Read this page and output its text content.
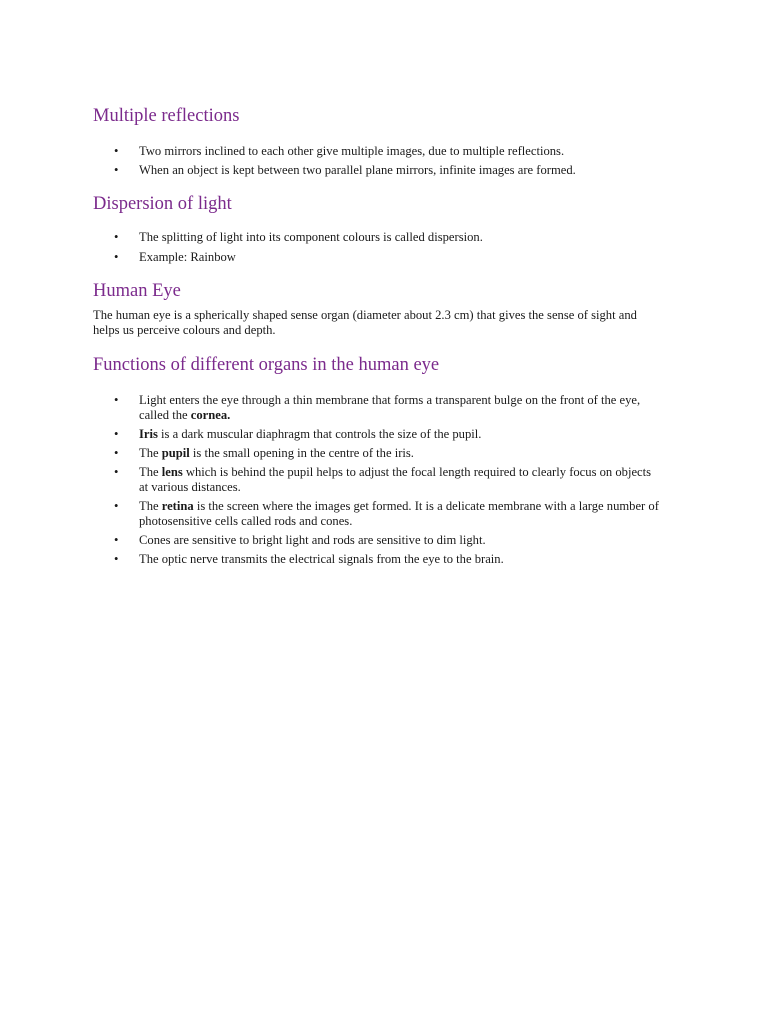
Multiple reflections
• Two mirrors inclined to each other give multiple images, due to multiple reflections.
• When an object is kept between two parallel plane mirrors, infinite images are formed.
Dispersion of light
• The splitting of light into its component colours is called dispersion.
• Example: Rainbow
Human Eye

The human eye is a spherically shaped sense organ (diameter about 2.3 cm) that gives the sense of sight and helps us perceive colours and depth.

Functions of different organs in the human eye
• Light enters the eye through a thin membrane that forms a transparent bulge on the front of the eye, called the cornea.
• Iris is a dark muscular diaphragm that controls the size of the pupil.
• The pupil is the small opening in the centre of the iris.
• The lens which is behind the pupil helps to adjust the focal length required to clearly focus on objects at various distances.
• The retina is the screen where the images get formed. It is a delicate membrane with a large number of photosensitive cells called rods and cones.
• Cones are sensitive to bright light and rods are sensitive to dim light.
• The optic nerve transmits the electrical signals from the eye to the brain.
